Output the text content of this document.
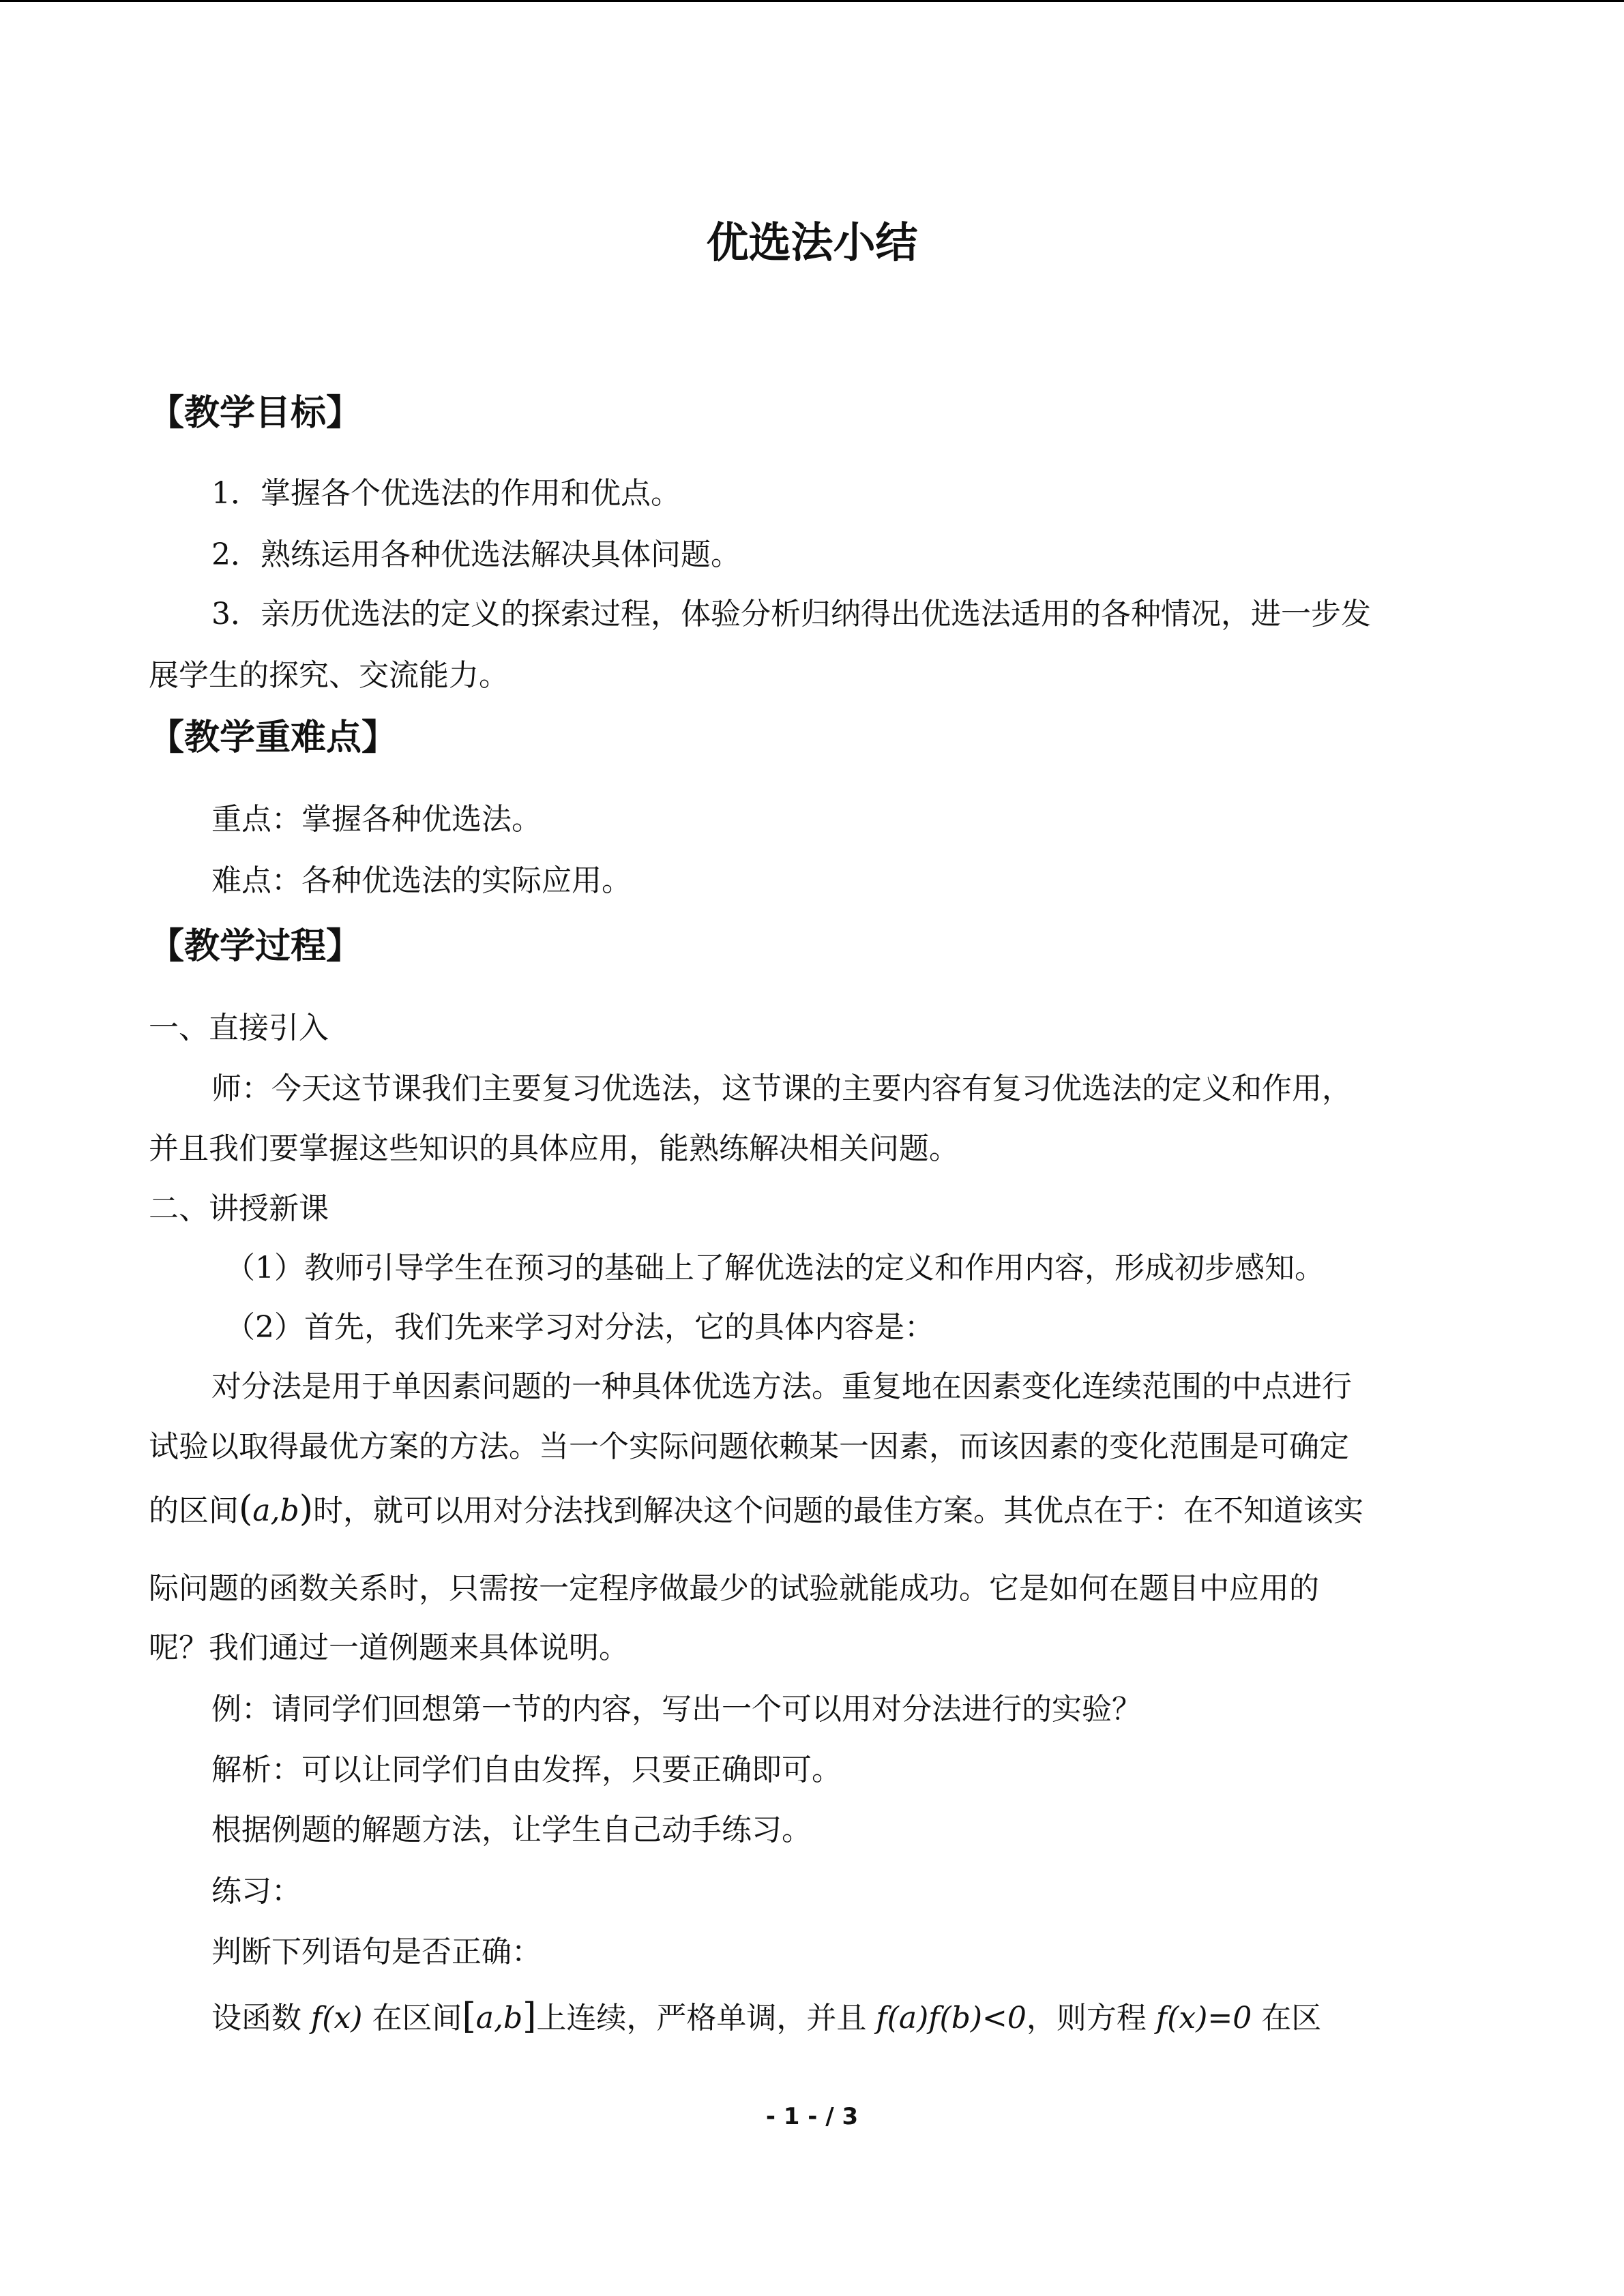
优选法小结
【教学目标】
1．掌握各个优选法的作用和优点。
2．熟练运用各种优选法解决具体问题。
3．亲历优选法的定义的探索过程，体验分析归纳得出优选法适用的各种情况，进一步发
展学生的探究、交流能力。
【教学重难点】
重点：掌握各种优选法。
难点：各种优选法的实际应用。
【教学过程】
一、直接引入
师：今天这节课我们主要复习优选法，这节课的主要内容有复习优选法的定义和作用，
并且我们要掌握这些知识的具体应用，能熟练解决相关问题。
二、讲授新课
（1）教师引导学生在预习的基础上了解优选法的定义和作用内容，形成初步感知。
（2）首先，我们先来学习对分法，它的具体内容是：
对分法是用于单因素问题的一种具体优选方法。重复地在因素变化连续范围的中点进行
试验以取得最优方案的方法。当一个实际问题依赖某一因素，而该因素的变化范围是可确定
的区间(a,b)时，就可以用对分法找到解决这个问题的最佳方案。其优点在于：在不知道该实
际问题的函数关系时，只需按一定程序做最少的试验就能成功。它是如何在题目中应用的
呢？我们通过一道例题来具体说明。
例：请同学们回想第一节的内容，写出一个可以用对分法进行的实验？
解析：可以让同学们自由发挥，只要正确即可。
根据例题的解题方法，让学生自己动手练习。
练习：
判断下列语句是否正确：
设函数 f(x) 在区间[a,b]上连续，严格单调，并且 f(a)f(b)<0，则方程 f(x)=0 在区
- 1 - / 3
